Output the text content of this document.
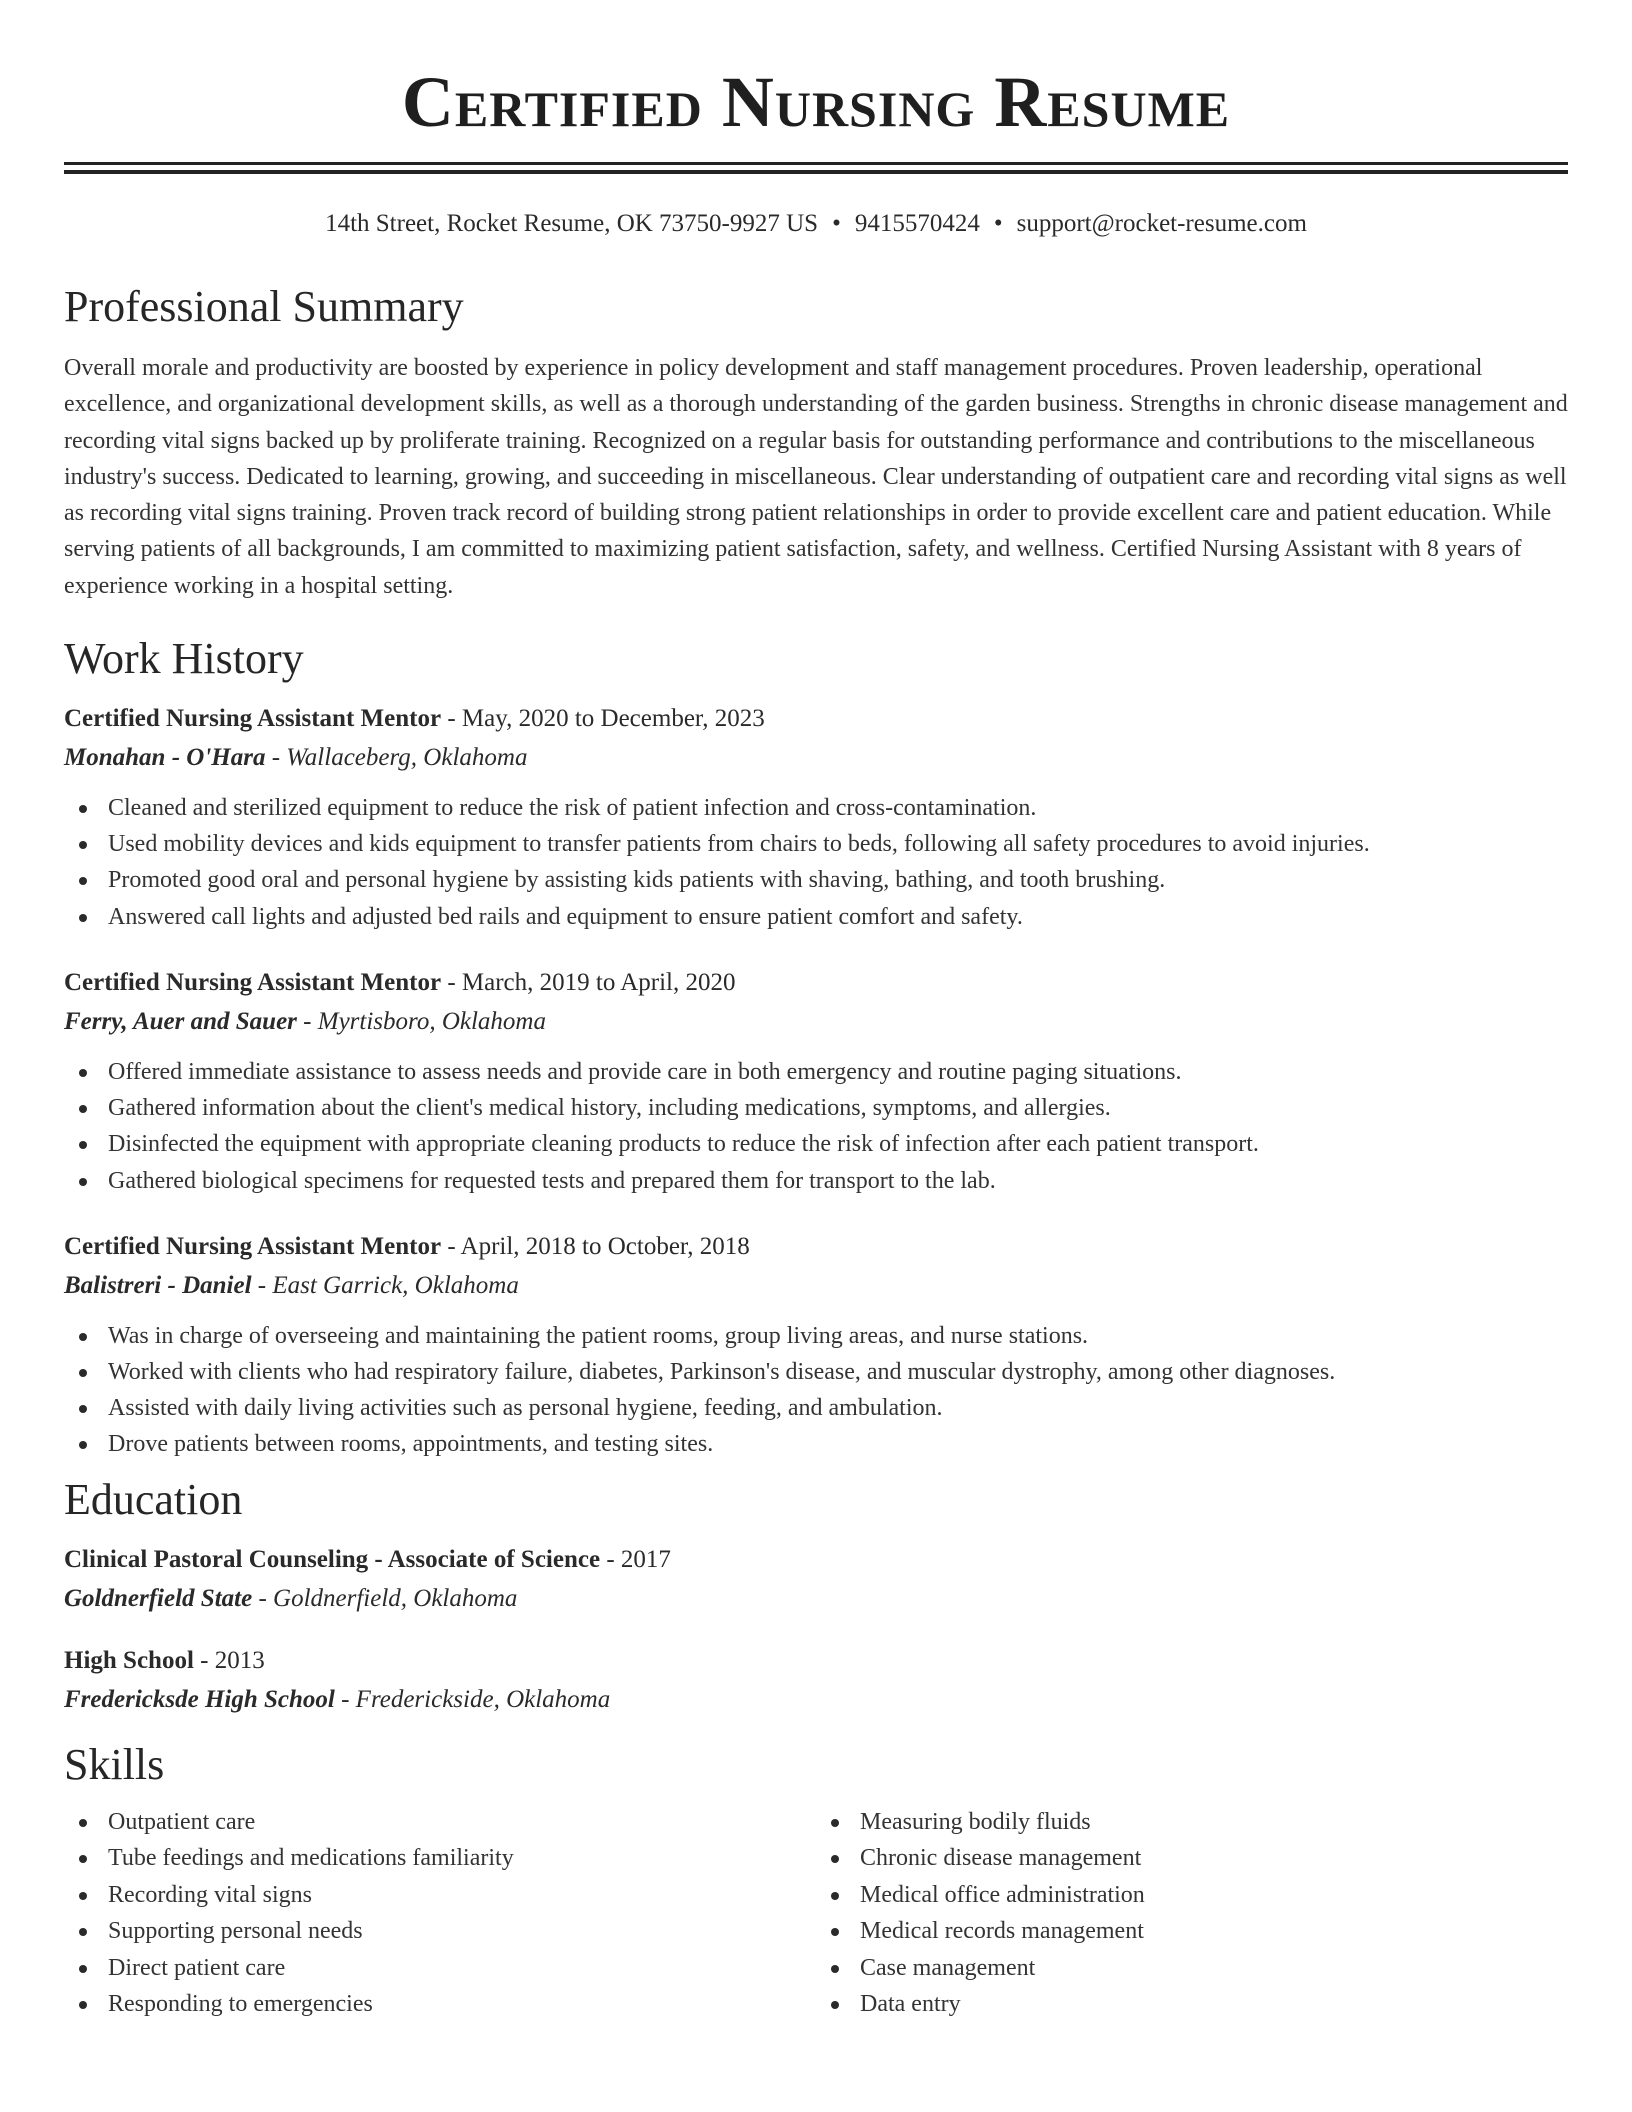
Certified Nursing Resume
14th Street, Rocket Resume, OK 73750-9927 US • 9415570424 • support@rocket-resume.com
Professional Summary

Overall morale and productivity are boosted by experience in policy development and staff management procedures. Proven leadership, operational excellence, and organizational development skills, as well as a thorough understanding of the garden business. Strengths in chronic disease management and recording vital signs backed up by proliferate training. Recognized on a regular basis for outstanding performance and contributions to the miscellaneous industry's success. Dedicated to learning, growing, and succeeding in miscellaneous. Clear understanding of outpatient care and recording vital signs as well as recording vital signs training. Proven track record of building strong patient relationships in order to provide excellent care and patient education. While serving patients of all backgrounds, I am committed to maximizing patient satisfaction, safety, and wellness. Certified Nursing Assistant with 8 years of experience working in a hospital setting.

Work History
Certified Nursing Assistant Mentor - May, 2020 to December, 2023
Monahan - O'Hara - Wallaceberg, Oklahoma
Cleaned and sterilized equipment to reduce the risk of patient infection and cross-contamination.
Used mobility devices and kids equipment to transfer patients from chairs to beds, following all safety procedures to avoid injuries.
Promoted good oral and personal hygiene by assisting kids patients with shaving, bathing, and tooth brushing.
Answered call lights and adjusted bed rails and equipment to ensure patient comfort and safety.
Certified Nursing Assistant Mentor - March, 2019 to April, 2020
Ferry, Auer and Sauer - Myrtisboro, Oklahoma
Offered immediate assistance to assess needs and provide care in both emergency and routine paging situations.
Gathered information about the client's medical history, including medications, symptoms, and allergies.
Disinfected the equipment with appropriate cleaning products to reduce the risk of infection after each patient transport.
Gathered biological specimens for requested tests and prepared them for transport to the lab.
Certified Nursing Assistant Mentor - April, 2018 to October, 2018
Balistreri - Daniel - East Garrick, Oklahoma
Was in charge of overseeing and maintaining the patient rooms, group living areas, and nurse stations.
Worked with clients who had respiratory failure, diabetes, Parkinson's disease, and muscular dystrophy, among other diagnoses.
Assisted with daily living activities such as personal hygiene, feeding, and ambulation.
Drove patients between rooms, appointments, and testing sites.
Education
Clinical Pastoral Counseling - Associate of Science - 2017
Goldnerfield State - Goldnerfield, Oklahoma
High School - 2013
Fredericksde High School - Frederickside, Oklahoma
Skills
Outpatient care
Tube feedings and medications familiarity
Recording vital signs
Supporting personal needs
Direct patient care
Responding to emergencies
Measuring bodily fluids
Chronic disease management
Medical office administration
Medical records management
Case management
Data entry
